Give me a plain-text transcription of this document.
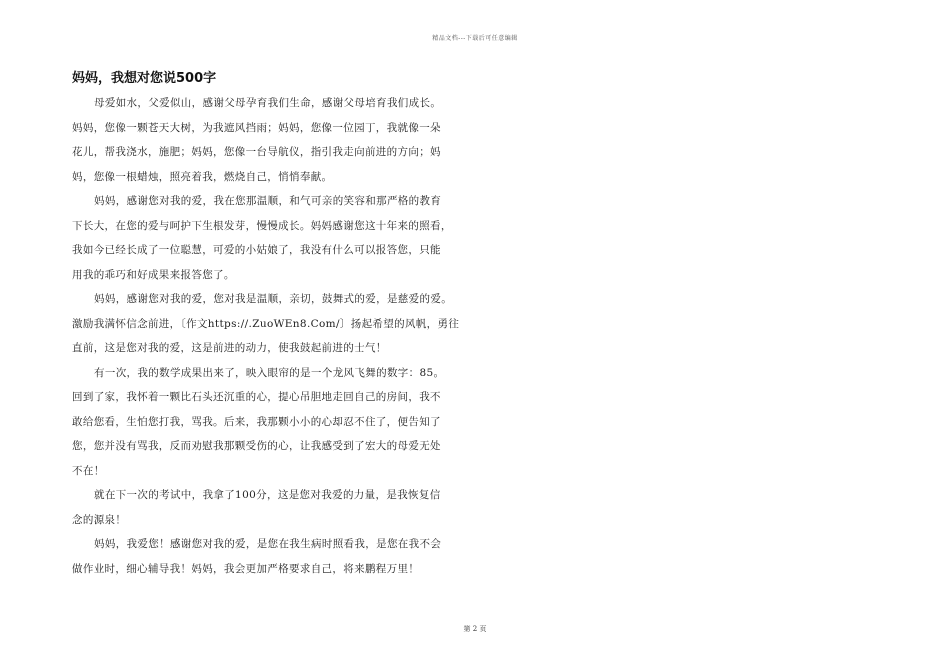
精品文档---下载后可任意编辑
妈妈，我想对您说500字
母爱如水，父爱似山，感谢父母孕育我们生命，感谢父母培育我们成长。
妈妈，您像一颗苍天大树，为我遮风挡雨；妈妈，您像一位园丁，我就像一朵
花儿，帮我浇水，施肥；妈妈，您像一台导航仪，指引我走向前进的方向；妈
妈，您像一根蜡烛，照亮着我，燃烧自己，悄悄奉献。
妈妈，感谢您对我的爱，我在您那温顺，和气可亲的笑容和那严格的教育
下长大，在您的爱与呵护下生根发芽，慢慢成长。妈妈感谢您这十年来的照看，
我如今已经长成了一位聪慧，可爱的小姑娘了，我没有什么可以报答您，只能
用我的乖巧和好成果来报答您了。
妈妈，感谢您对我的爱，您对我是温顺，亲切，鼓舞式的爱，是慈爱的爱。
激励我满怀信念前进，〔作文https://.ZuoWEn8.Com/〕扬起希望的风帆，勇往
直前，这是您对我的爱，这是前进的动力，使我鼓起前进的士气！
有一次，我的数学成果出来了，映入眼帘的是一个龙风飞舞的数字：85。
回到了家，我怀着一颗比石头还沉重的心，提心吊胆地走回自己的房间，我不
敢给您看，生怕您打我，骂我。后来，我那颗小小的心却忍不住了，便告知了
您，您并没有骂我，反而劝慰我那颗受伤的心，让我感受到了宏大的母爱无处
不在！
就在下一次的考试中，我拿了100分，这是您对我爱的力量，是我恢复信
念的源泉！
妈妈，我爱您！感谢您对我的爱，是您在我生病时照看我，是您在我不会
做作业时，细心辅导我！妈妈，我会更加严格要求自己，将来鹏程万里！
第 2 页
